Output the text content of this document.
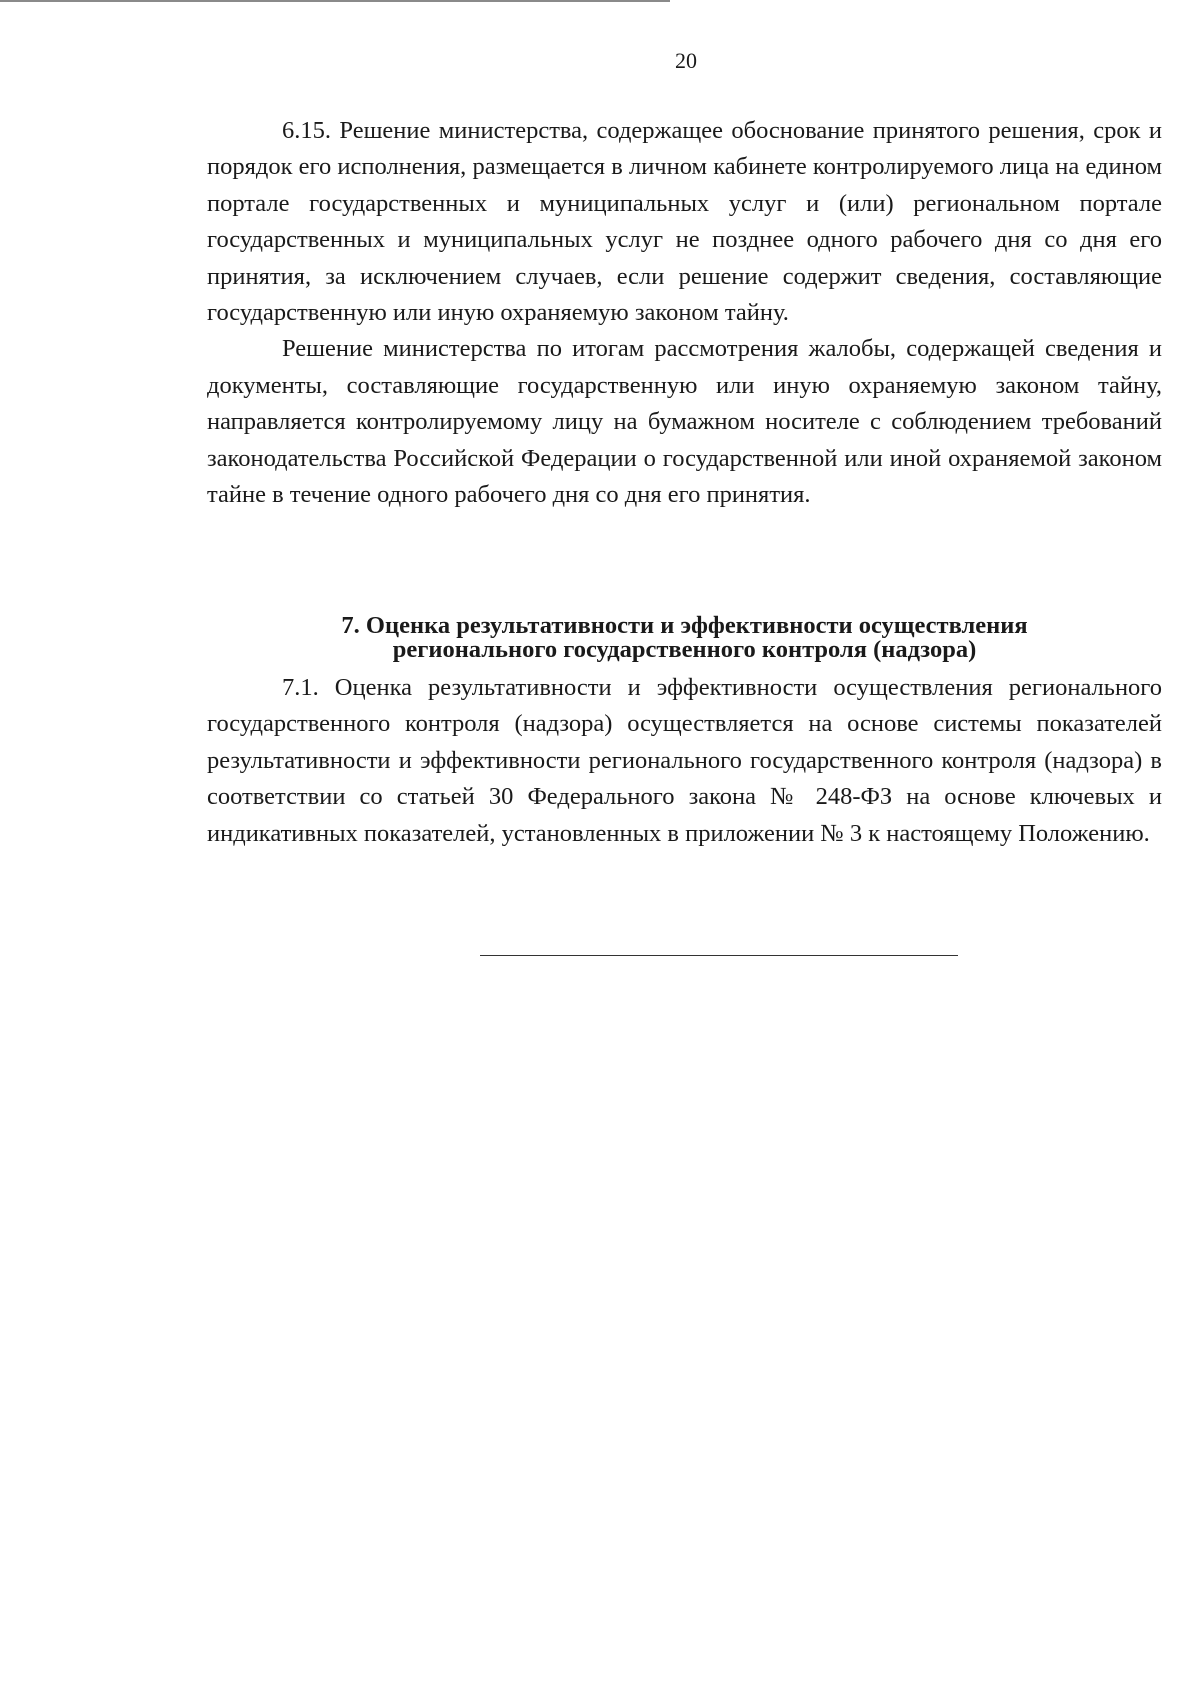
20

6.15. Решение министерства, содержащее обоснование принятого решения, срок и порядок его исполнения, размещается в личном кабинете контролируемого лица на едином портале государственных и муниципальных услуг и (или) региональном портале государственных и муниципальных услуг не позднее одного рабочего дня со дня его принятия, за исключением случаев, если решение содержит сведения, составляющие государственную или иную охраняемую законом тайну.

Решение министерства по итогам рассмотрения жалобы, содержащей сведения и документы, составляющие государственную или иную охраняемую законом тайну, направляется контролируемому лицу на бумажном носителе с соблюдением требований законодательства Российской Федерации о государственной или иной охраняемой законом тайне в течение одного рабочего дня со дня его принятия.

7. Оценка результативности и эффективности осуществления
регионального государственного контроля (надзора)

7.1. Оценка результативности и эффективности осуществления регионального государственного контроля (надзора) осуществляется на основе системы показателей результативности и эффективности регионального государственного контроля (надзора) в соответствии со статьей 30 Федерального закона № 248-ФЗ на основе ключевых и индикативных показателей, установленных в приложении № 3 к настоящему Положению.
